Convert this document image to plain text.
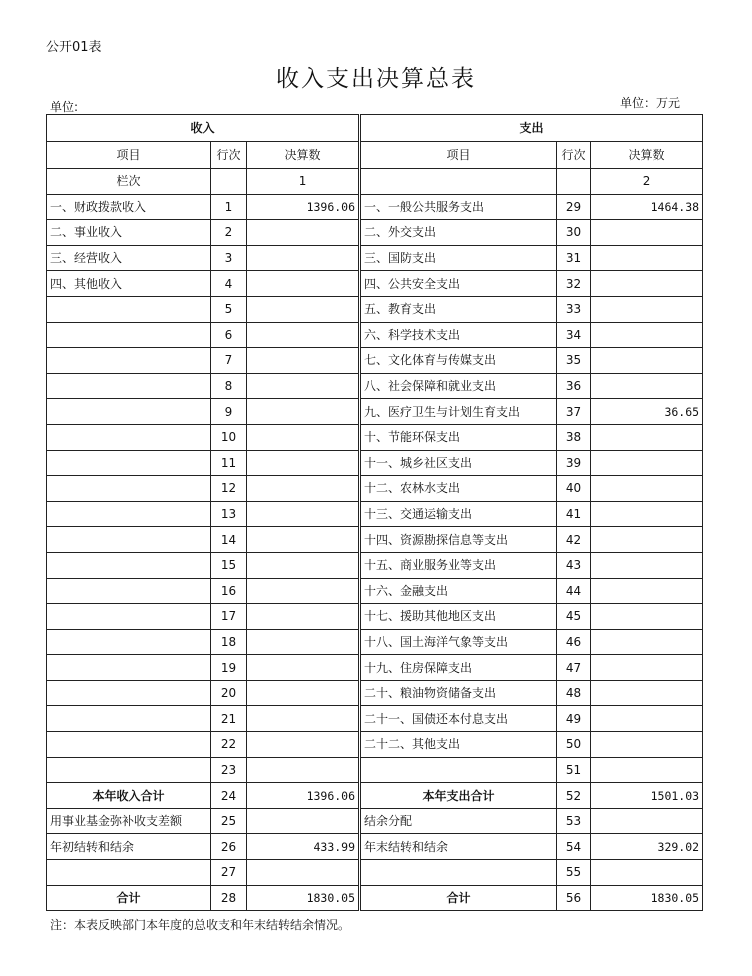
公开01表
收入支出决算总表
单位:	单位：万元
收入				支出		
项目	行次	决算数		项目	行次	决算数
栏次		1				2
一、财政拨款收入	1	1396.06		一、一般公共服务支出	29	1464.38
二、事业收入	2			二、外交支出	30	
三、经营收入	3			三、国防支出	31	
四、其他收入	4			四、公共安全支出	32	
	5			五、教育支出	33	
	6			六、科学技术支出	34	
	7			七、文化体育与传媒支出	35	
	8			八、社会保障和就业支出	36	
	9			九、医疗卫生与计划生育支出	37	36.65
	10			十、节能环保支出	38	
	11			十一、城乡社区支出	39	
	12			十二、农林水支出	40	
	13			十三、交通运输支出	41	
	14			十四、资源勘探信息等支出	42	
	15			十五、商业服务业等支出	43	
	16			十六、金融支出	44	
	17			十七、援助其他地区支出	45	
	18			十八、国土海洋气象等支出	46	
	19			十九、住房保障支出	47	
	20			二十、粮油物资储备支出	48	
	21			二十一、国债还本付息支出	49	
	22			二十二、其他支出	50	
	23				51	
本年收入合计	24	1396.06		本年支出合计	52	1501.03
用事业基金弥补收支差额	25			结余分配	53	
年初结转和结余	26	433.99		年末结转和结余	54	329.02
	27				55	
合计	28	1830.05		合计	56	1830.05
注：本表反映部门本年度的总收支和年末结转结余情况。
